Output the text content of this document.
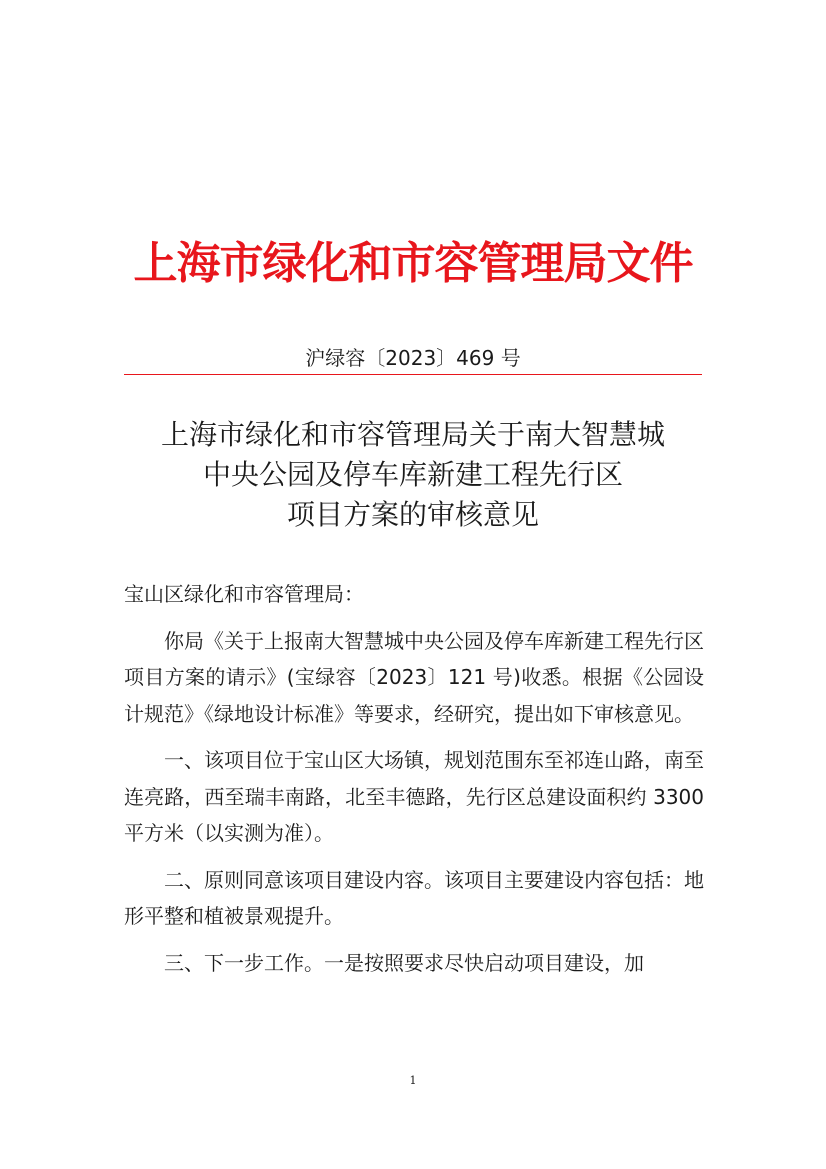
上海市绿化和市容管理局文件
沪绿容〔2023〕469 号
上海市绿化和市容管理局关于南大智慧城
中央公园及停车库新建工程先行区
项目方案的审核意见
宝山区绿化和市容管理局：

你局《关于上报南大智慧城中央公园及停车库新建工程先行区项目方案的请示》(宝绿容〔2023〕121 号)收悉。根据《公园设计规范》《绿地设计标准》等要求，经研究，提出如下审核意见。

一、该项目位于宝山区大场镇，规划范围东至祁连山路，南至连亮路，西至瑞丰南路，北至丰德路，先行区总建设面积约 3300 平方米（以实测为准）。

二、原则同意该项目建设内容。该项目主要建设内容包括：地形平整和植被景观提升。

三、下一步工作。一是按照要求尽快启动项目建设，加

1
